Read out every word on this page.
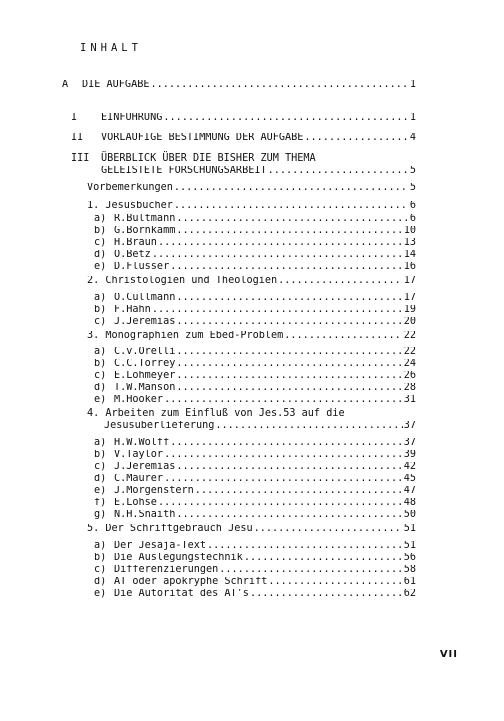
INHALT
A DIE AUFGABE .....	1
I EINFÜHRUNG .....	1
II VORLÄUFIGE BESTIMMUNG DER AUFGABE .....	4
III ÜBERBLICK ÜBER DIE BISHER ZUM THEMA
GELEISTETE FORSCHUNGSARBEIT .....	5
Vorbemerkungen .....	5
1. Jesusbücher .....	6
a) R.Bultmann .....	6
b) G.Bornkamm .....	10
c) H.Braun .....	13
d) O.Betz .....	14
e) D.Flusser .....	16
2. Christologien und Theologien .....	17
a) O.Cullmann .....	17
b) F.Hahn .....	19
c) J.Jeremias .....	20
3. Monographien zum Ebed-Problem .....	22
a) C.v.Orelli .....	22
b) C.C.Torrey .....	24
c) E.Lohmeyer .....	26
d) T.W.Manson .....	28
e) M.Hooker .....	31
4. Arbeiten zum Einfluß von Jes.53 auf die
Jesusüberlieferung .....	37
a) H.W.Wolff .....	37
b) V.Taylor .....	39
c) J.Jeremias .....	42
d) C.Maurer .....	45
e) J.Morgenstern .....	47
f) E.Lohse .....	48
g) N.H.Snaith .....	50
5. Der Schriftgebrauch Jesu .....	51
a) Der Jesaja-Text .....	51
b) Die Auslegungstechnik .....	56
c) Differenzierungen .....	58
d) AT oder apokryphe Schrift .....	61
e) Die Autorität des AT's .....	62
VII
